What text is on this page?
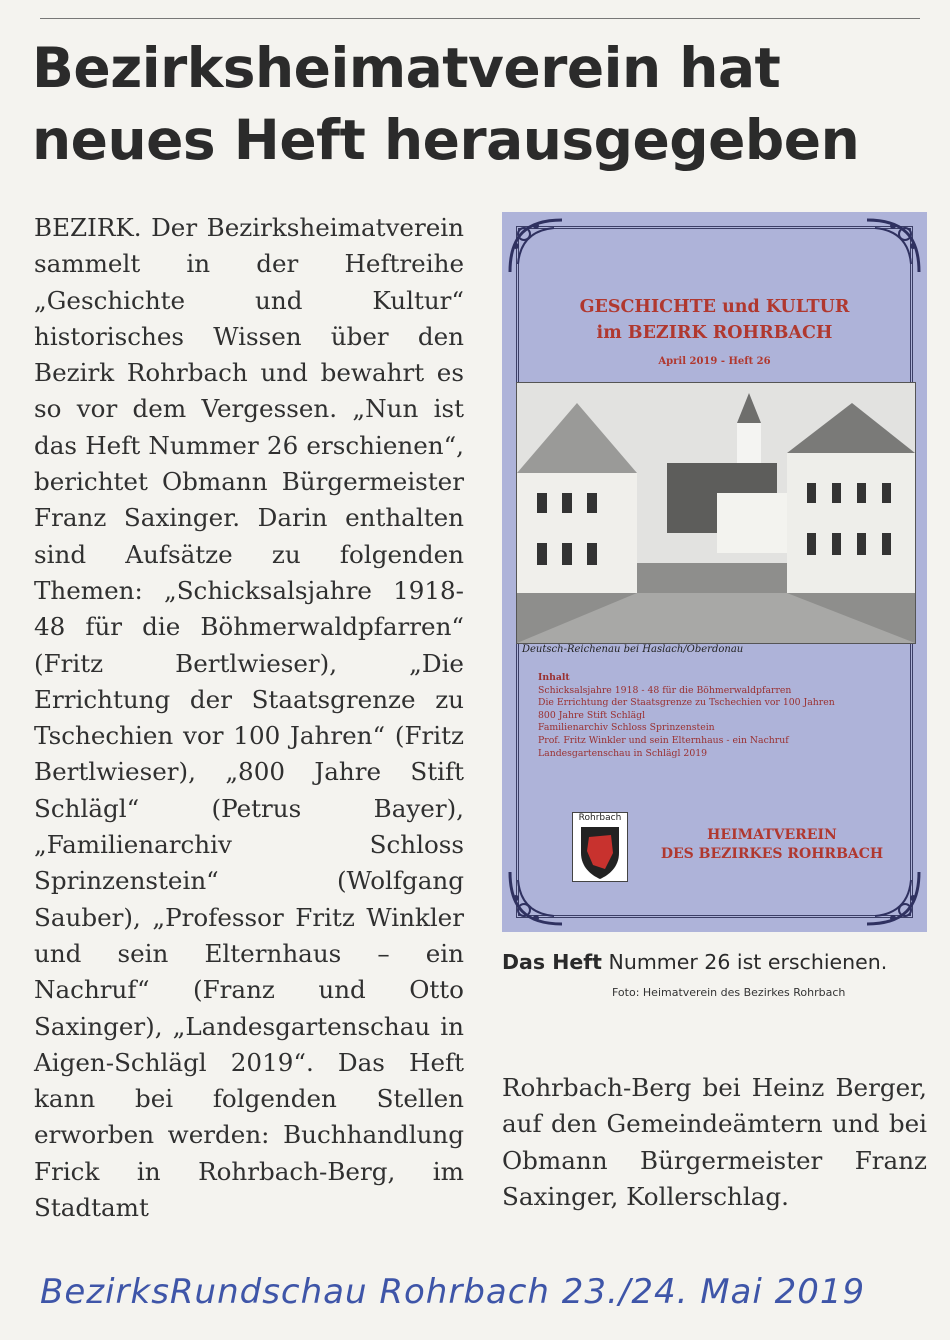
Bezirksheimatverein hat neues Heft herausgegeben

BEZIRK. Der Bezirksheimatverein sammelt in der Heftreihe „Geschichte und Kultur“ historisches Wissen über den Bezirk Rohrbach und bewahrt es so vor dem Vergessen. „Nun ist das Heft Nummer 26 erschienen“, berichtet Obmann Bürgermeister Franz Saxinger. Darin enthalten sind Aufsätze zu folgenden Themen: „Schicksalsjahre 1918-48 für die Böhmerwaldpfarren“ (Fritz Bertlwieser), „Die Errichtung der Staatsgrenze zu Tschechien vor 100 Jahren“ (Fritz Bertlwieser), „800 Jahre Stift Schlägl“ (Petrus Bayer), „Familienarchiv Schloss Sprinzenstein“ (Wolfgang Sauber), „Professor Fritz Winkler und sein Elternhaus – ein Nachruf“ (Franz und Otto Saxinger), „Landesgartenschau in Aigen-Schlägl 2019“. Das Heft kann bei folgenden Stellen erworben werden: Buchhandlung Frick in Rohrbach-Berg, im Stadtamt

GESCHICHTE und KULTUR
im BEZIRK ROHRBACH
April 2019 - Heft 26
Deutsch-Reichenau bei Haslach/Oberdonau
Inhalt
Schicksalsjahre 1918 - 48 für die Böhmerwaldpfarren
Die Errichtung der Staatsgrenze zu Tschechien vor 100 Jahren
800 Jahre Stift Schlägl
Familienarchiv Schloss Sprinzenstein
Prof. Fritz Winkler und sein Elternhaus - ein Nachruf
Landesgartenschau in Schlägl 2019
Rohrbach
HEIMATVEREIN
DES BEZIRKES ROHRBACH
Das Heft Nummer 26 ist erschienen.
Foto: Heimatverein des Bezirkes Rohrbach

Rohrbach-Berg bei Heinz Berger, auf den Gemeindeämtern und bei Obmann Bürgermeister Franz Saxinger, Kollerschlag.

BezirksRundschau Rohrbach 23./24. Mai 2019
